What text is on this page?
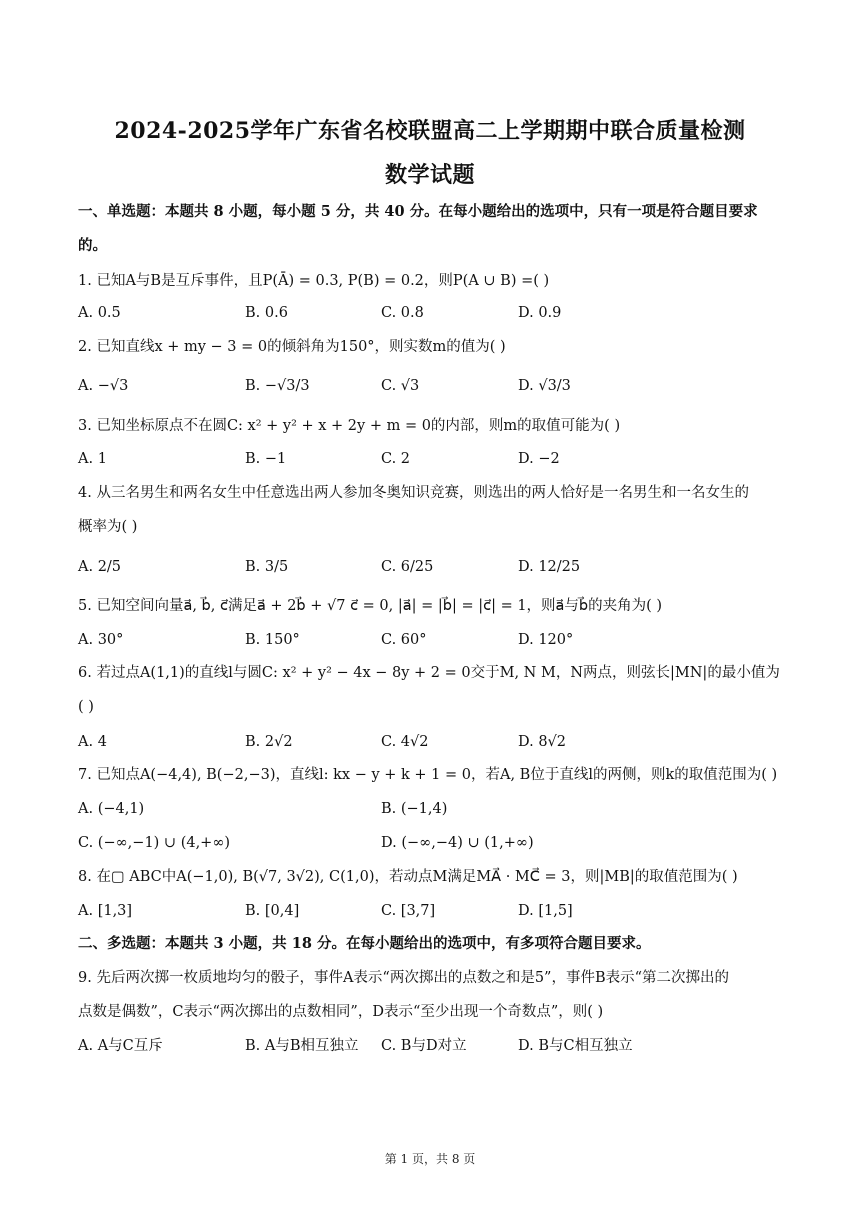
2024-2025学年广东省名校联盟高二上学期期中联合质量检测
数学试题
一、单选题：本题共 8 小题，每小题 5 分，共 40 分。在每小题给出的选项中，只有一项是符合题目要求
的。
1. 已知A与B是互斥事件，且P(Ā) = 0.3, P(B) = 0.2，则P(A ∪ B) =( )
A. 0.5	B. 0.6	C. 0.8	D. 0.9
2. 已知直线x + my − 3 = 0的倾斜角为150°，则实数m的值为( )
A. −√3	B. −√3/3	C. √3	D. √3/3
3. 已知坐标原点不在圆C: x² + y² + x + 2y + m = 0的内部，则m的取值可能为( )
A. 1	B. −1	C. 2	D. −2
4. 从三名男生和两名女生中任意选出两人参加冬奥知识竞赛，则选出的两人恰好是一名男生和一名女生的
概率为( )
A. 2/5	B. 3/5	C. 6/25	D. 12/25
5. 已知空间向量a⃗, b⃗, c⃗满足a⃗ + 2b⃗ + √7 c⃗ = 0, |a⃗| = |b⃗| = |c⃗| = 1，则a⃗与b⃗的夹角为( )
A. 30°	B. 150°	C. 60°	D. 120°
6. 若过点A(1,1)的直线l与圆C: x² + y² − 4x − 8y + 2 = 0交于M, N M，N两点，则弦长|MN|的最小值为
( )
A. 4	B. 2√2	C. 4√2	D. 8√2
7. 已知点A(−4,4), B(−2,−3)，直线l: kx − y + k + 1 = 0，若A, B位于直线l的两侧，则k的取值范围为( )
A. (−4,1)	B. (−1,4)
C. (−∞,−1) ∪ (4,+∞)	D. (−∞,−4) ∪ (1,+∞)
8. 在▢ ABC中A(−1,0), B(√7, 3√2), C(1,0)，若动点M满足MA⃗ · MC⃗ = 3，则|MB|的取值范围为( )
A. [1,3]	B. [0,4]	C. [3,7]	D. [1,5]
二、多选题：本题共 3 小题，共 18 分。在每小题给出的选项中，有多项符合题目要求。
9. 先后两次掷一枚质地均匀的骰子，事件A表示“两次掷出的点数之和是5”，事件B表示“第二次掷出的
点数是偶数”，C表示“两次掷出的点数相同”，D表示“至少出现一个奇数点”，则( )
A. A与C互斥	B. A与B相互独立 C. B与D对立	D. B与C相互独立
第 1 页，共 8 页
